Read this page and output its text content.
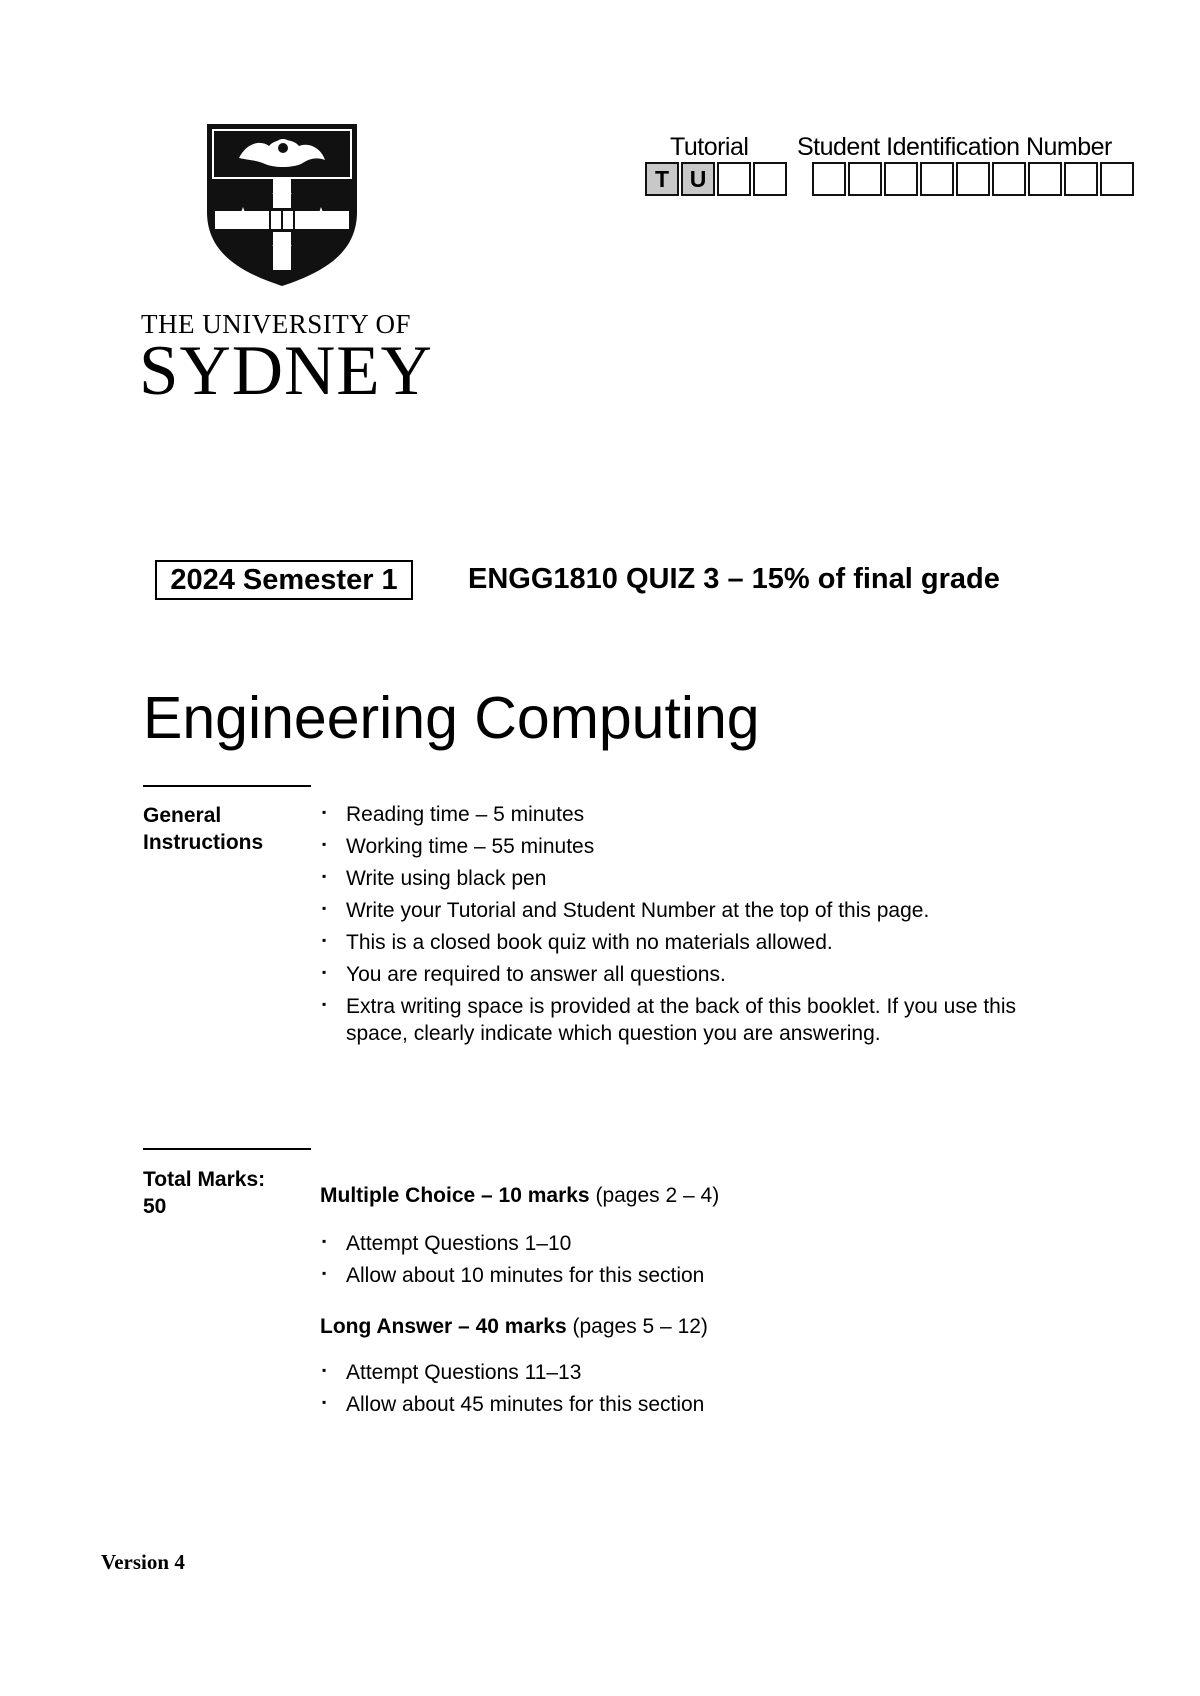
THE UNIVERSITY OF
SYDNEY
Tutorial Student Identification Number
T U
2024 Semester 1	ENGG1810 QUIZ 3 – 15% of final grade
Engineering Computing
General Instructions
▪ Reading time – 5 minutes
▪ Working time – 55 minutes
▪ Write using black pen
▪ Write your Tutorial and Student Number at the top of this page.
▪ This is a closed book quiz with no materials allowed.
▪ You are required to answer all questions.
▪ Extra writing space is provided at the back of this booklet. If you use this space, clearly indicate which question you are answering.
Total Marks:
50	Multiple Choice – 10 marks (pages 2 – 4)
▪ Attempt Questions 1–10
▪ Allow about 10 minutes for this section
Long Answer – 40 marks (pages 5 – 12)
▪ Attempt Questions 11–13
▪ Allow about 45 minutes for this section
Version 4
